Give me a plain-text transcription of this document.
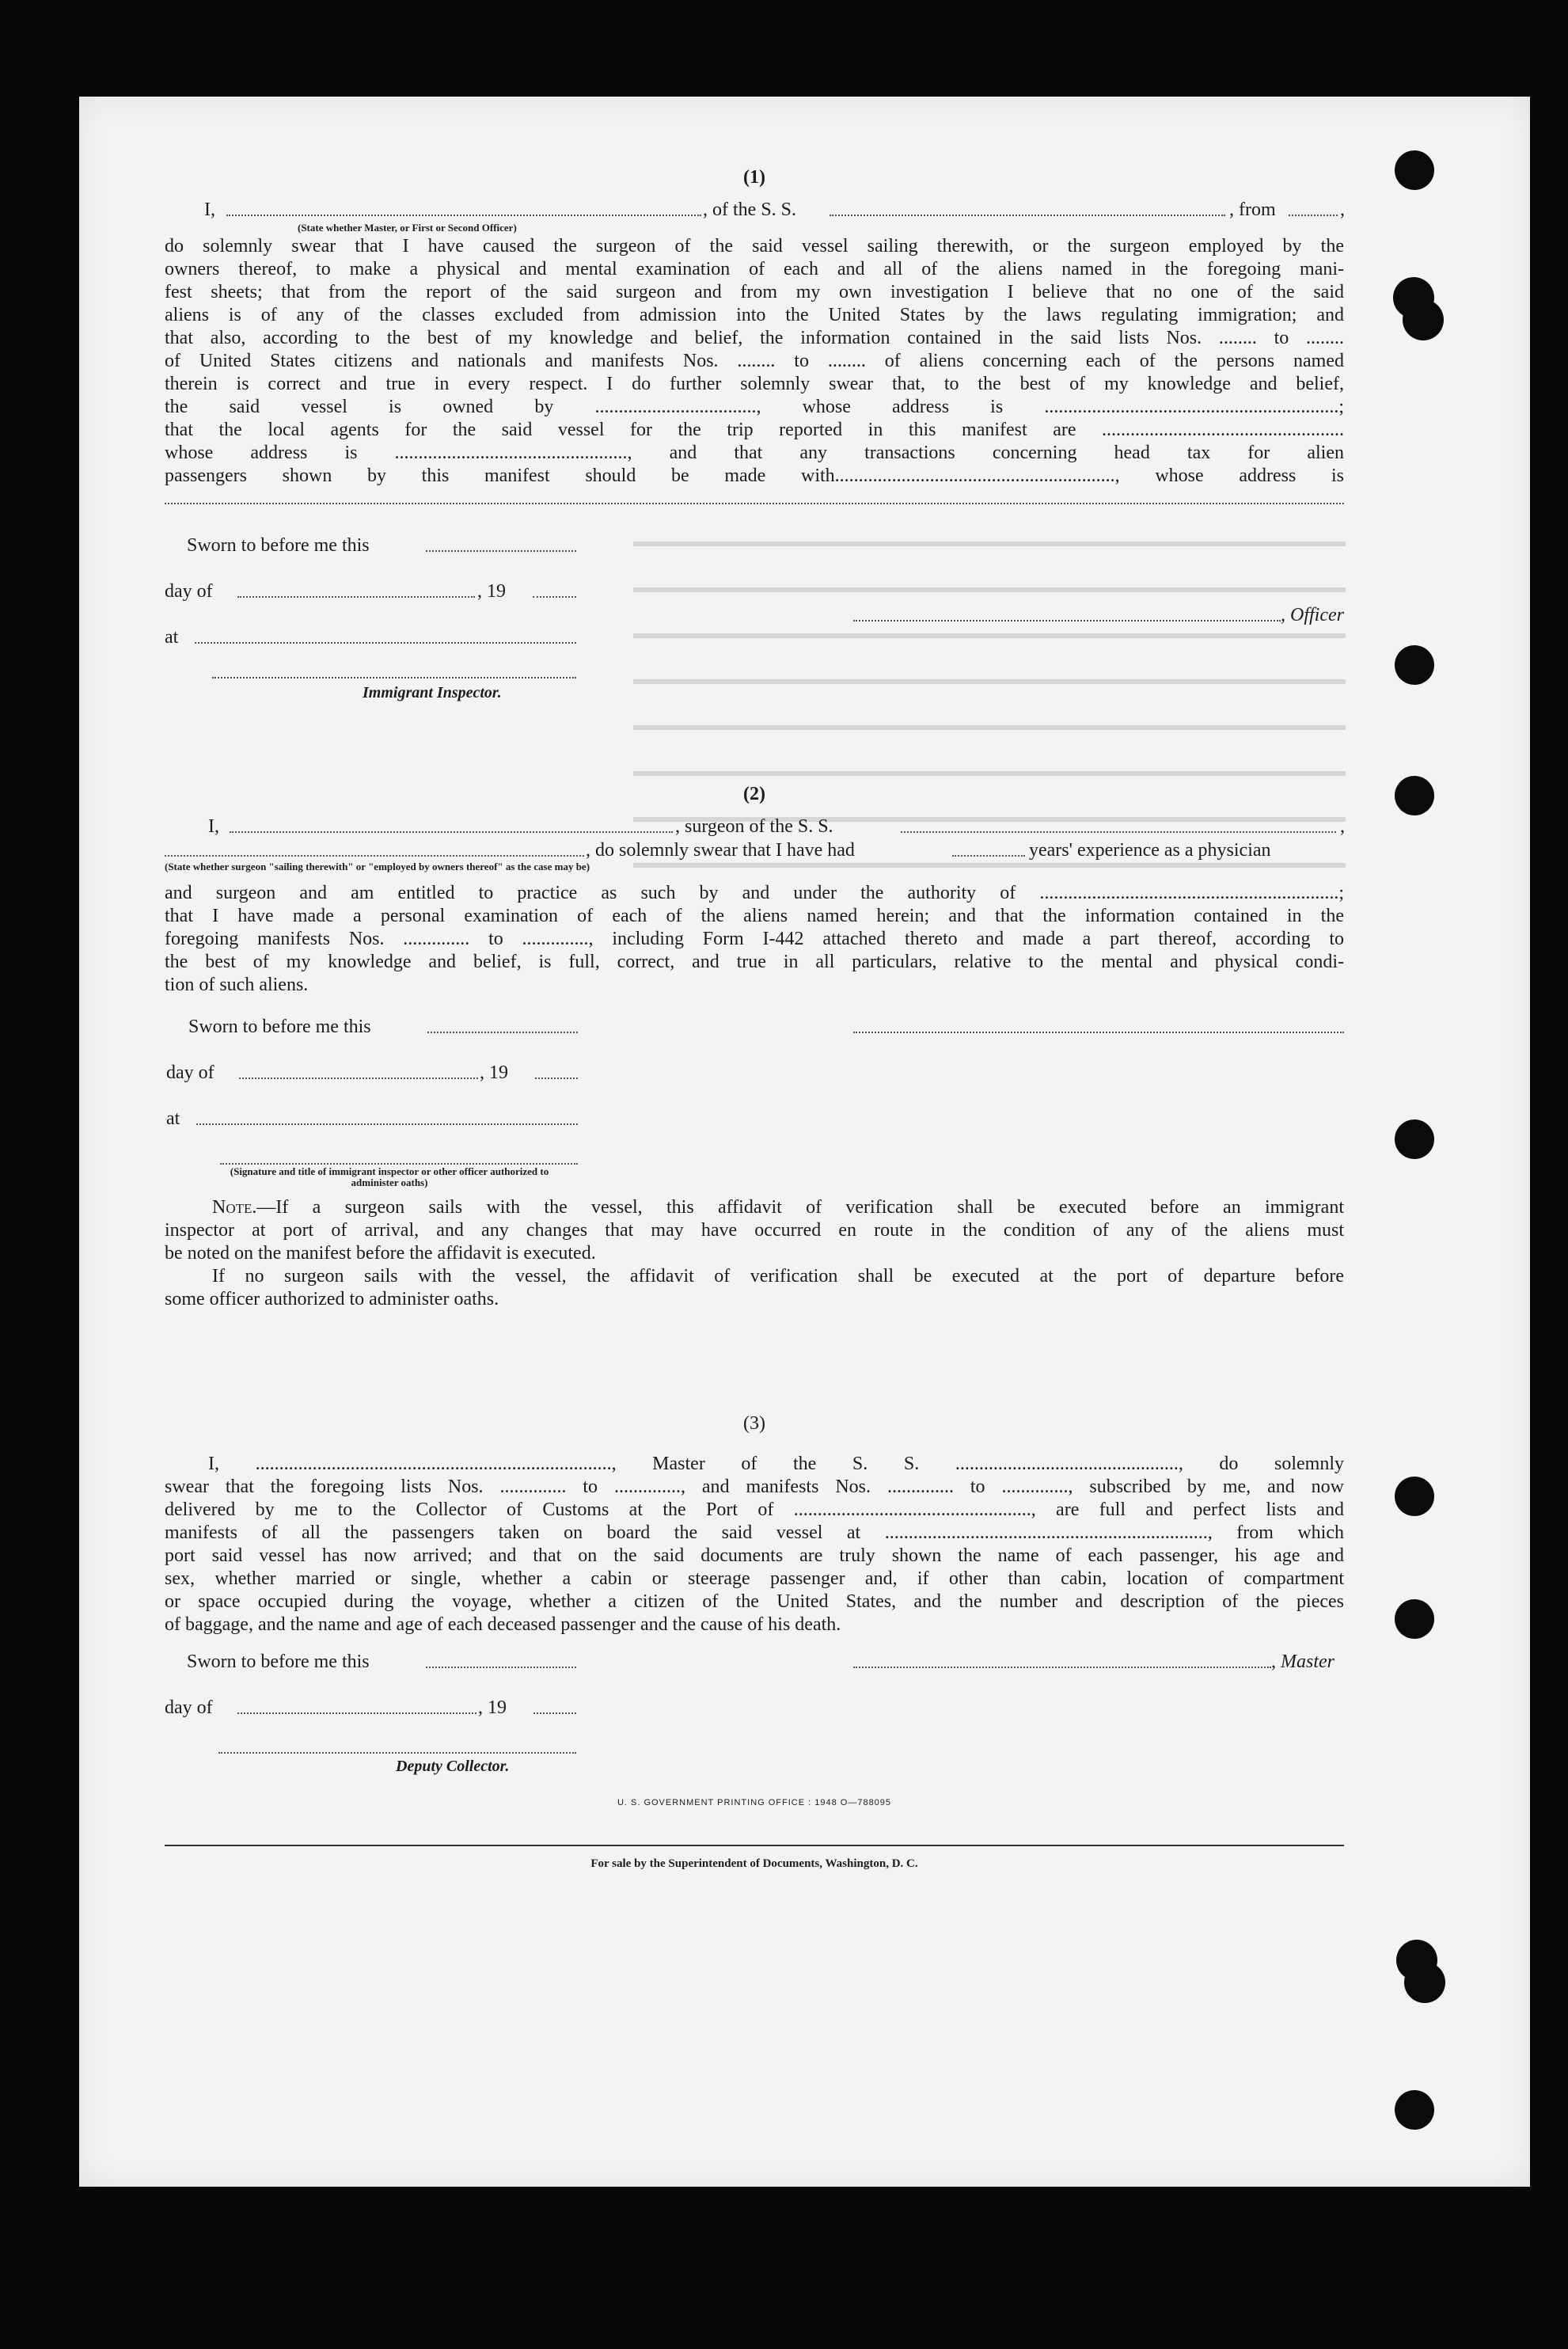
(1)

I,	, of the S. S.	, from	,
(State whether Master, or First or Second Officer)

do solemnly swear that I have caused the surgeon of the said vessel sailing therewith, or the surgeon employed by the

owners thereof, to make a physical and mental examination of each and all of the aliens named in the foregoing mani-

fest sheets; that from the report of the said surgeon and from my own investigation I believe that no one of the said

aliens is of any of the classes excluded from admission into the United States by the laws regulating immigration; and

that also, according to the best of my knowledge and belief, the information contained in the said lists Nos. ........ to ........

of United States citizens and nationals and manifests Nos. ........ to ........ of aliens concerning each of the persons named

therein is correct and true in every respect. I do further solemnly swear that, to the best of my knowledge and belief,

the said vessel is owned by .................................., whose address is ..............................................................;

that the local agents for the said vessel for the trip reported in this manifest are ...................................................

whose address is ................................................., and that any transactions concerning head tax for alien

passengers shown by this manifest should be made with..........................................................., whose address is

Sworn to before me this
day of	, 19
, Officer
at
Immigrant Inspector.

(2)

I,	, surgeon of the S. S.	,
, do solemnly swear that I have had	years' experience as a physician
(State whether surgeon "sailing therewith" or "employed by owners thereof" as the case may be)

and surgeon and am entitled to practice as such by and under the authority of ...............................................................;

that I have made a personal examination of each of the aliens named herein; and that the information contained in the

foregoing manifests Nos. .............. to .............., including Form I-442 attached thereto and made a part thereof, according to

the best of my knowledge and belief, is full, correct, and true in all particulars, relative to the mental and physical condi-

tion of such aliens.

Sworn to before me this
day of	, 19
at
(Signature and title of immigrant inspector or other officer authorized to administer oaths)

Note.—If a surgeon sails with the vessel, this affidavit of verification shall be executed before an immigrant

inspector at port of arrival, and any changes that may have occurred en route in the condition of any of the aliens must

be noted on the manifest before the affidavit is executed.

If no surgeon sails with the vessel, the affidavit of verification shall be executed at the port of departure before

some officer authorized to administer oaths.

(3)

I, ..........................................................................., Master of the S. S. ..............................................., do solemnly

swear that the foregoing lists Nos. .............. to .............., and manifests Nos. .............. to .............., subscribed by me, and now

delivered by me to the Collector of Customs at the Port of .................................................., are full and perfect lists and

manifests of all the passengers taken on board the said vessel at ...................................................................., from which

port said vessel has now arrived; and that on the said documents are truly shown the name of each passenger, his age and

sex, whether married or single, whether a cabin or steerage passenger and, if other than cabin, location of compartment

or space occupied during the voyage, whether a citizen of the United States, and the number and description of the pieces

of baggage, and the name and age of each deceased passenger and the cause of his death.

Sworn to before me this	, Master
day of	, 19
Deputy Collector.
U. S. GOVERNMENT PRINTING OFFICE : 1948 O—788095
For sale by the Superintendent of Documents, Washington, D. C.
